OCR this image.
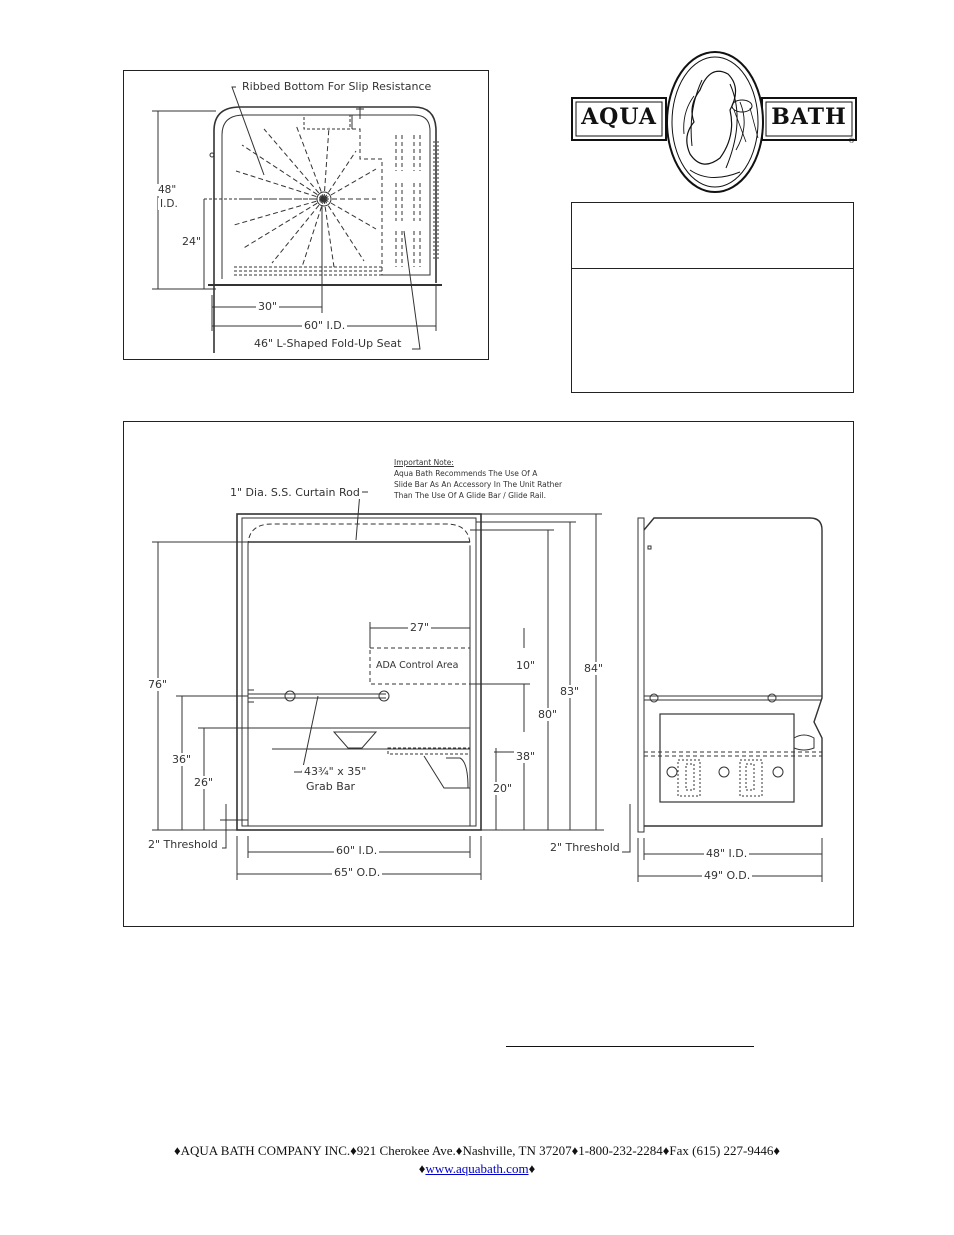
Ribbed Bottom For Slip Resistance
48"
I.D.
24"
30"
60" I.D.
46" L-Shaped Fold-Up Seat
AQUA	BATH
®
Important Note:
Aqua Bath Recommends The Use Of A
Slide Bar As An Accessory In The Unit Rather
Than The Use Of A Glide Bar / Glide Rail.
1" Dia. S.S. Curtain Rod
27"
ADA Control Area	10"
76"
36"
26"
2" Threshold
43¾" x 35"
Grab Bar
38"
20"
80"
83"
84"
60" I.D.
65" O.D.
2" Threshold	48" I.D.
49" O.D.
♦AQUA BATH COMPANY INC.♦921 Cherokee Ave.♦Nashville, TN 37207♦1-800-232-2284♦Fax (615) 227-9446♦
♦www.aquabath.com♦
